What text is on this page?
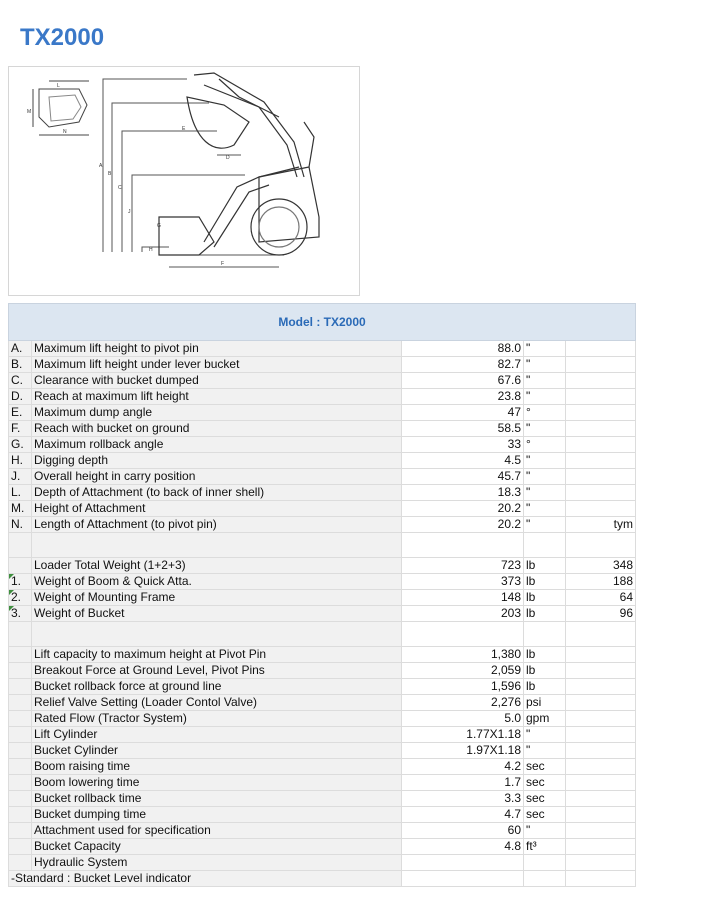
TX2000
A
B
C
D
E
F
G
H
J
L
M
N
Model : TX2000				
A.	Maximum lift height to pivot pin	88.0	"	
B.	Maximum lift height under lever bucket	82.7	"	
C.	Clearance with bucket dumped	67.6	"	
D.	Reach at maximum lift height	23.8	"	
E.	Maximum dump angle	47	°	
F.	Reach with bucket on ground	58.5	"	
G.	Maximum rollback angle	33	°	
H.	Digging depth	4.5	"	
J.	Overall height in carry position	45.7	"	
L.	Depth of Attachment (to back of inner shell)	18.3	"	
M.	Height of Attachment	20.2	"	
N.	Length of Attachment (to pivot pin)	20.2	"	tym

	Loader Total Weight (1+2+3)	723	lb	348
1.	Weight of Boom & Quick Atta.	373	lb	188
2.	Weight of Mounting Frame	148	lb	64
3.	Weight of Bucket	203	lb	96

	Lift capacity to maximum height at Pivot Pin	1,380	lb	
	Breakout Force at Ground Level, Pivot Pins	2,059	lb	
	Bucket rollback force at ground line	1,596	lb	
	Relief Valve Setting (Loader Contol Valve)	2,276	psi	
	Rated Flow (Tractor System)	5.0	gpm	
	Lift Cylinder	1.77X1.18	"	
	Bucket Cylinder	1.97X1.18	"	
	Boom raising time	4.2	sec	
	Boom lowering time	1.7	sec	
	Bucket rollback time	3.3	sec	
	Bucket dumping time	4.7	sec	
	Attachment used for specification	60	"	
	Bucket Capacity	4.8	ft³	
	Hydraulic System			
-Standard : Bucket Level indicator				
